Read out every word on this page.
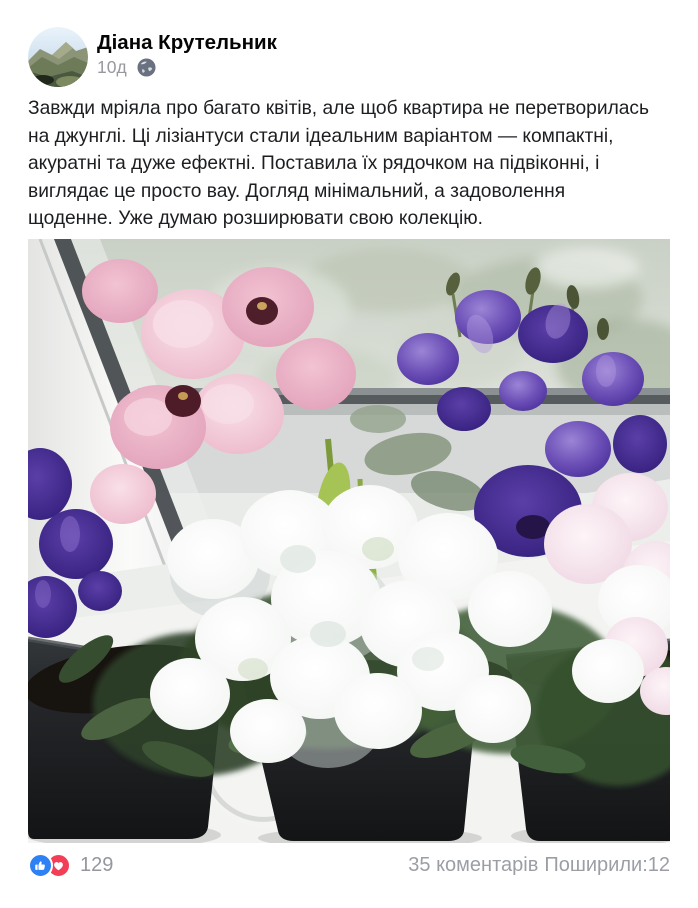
Діана Крутельник
10д
Завжди мріяла про багато квітів, але щоб квартира не перетворилась
на джунглі. Ці лізіантуси стали ідеальним варіантом — компактні,
акуратні та дуже ефектні. Поставила їх рядочком на підвіконні, і
виглядає це просто вау. Догляд мінімальний, а задоволення
щоденне. Уже думаю розширювати свою колекцію.
129	35 коментарів Поширили:12
